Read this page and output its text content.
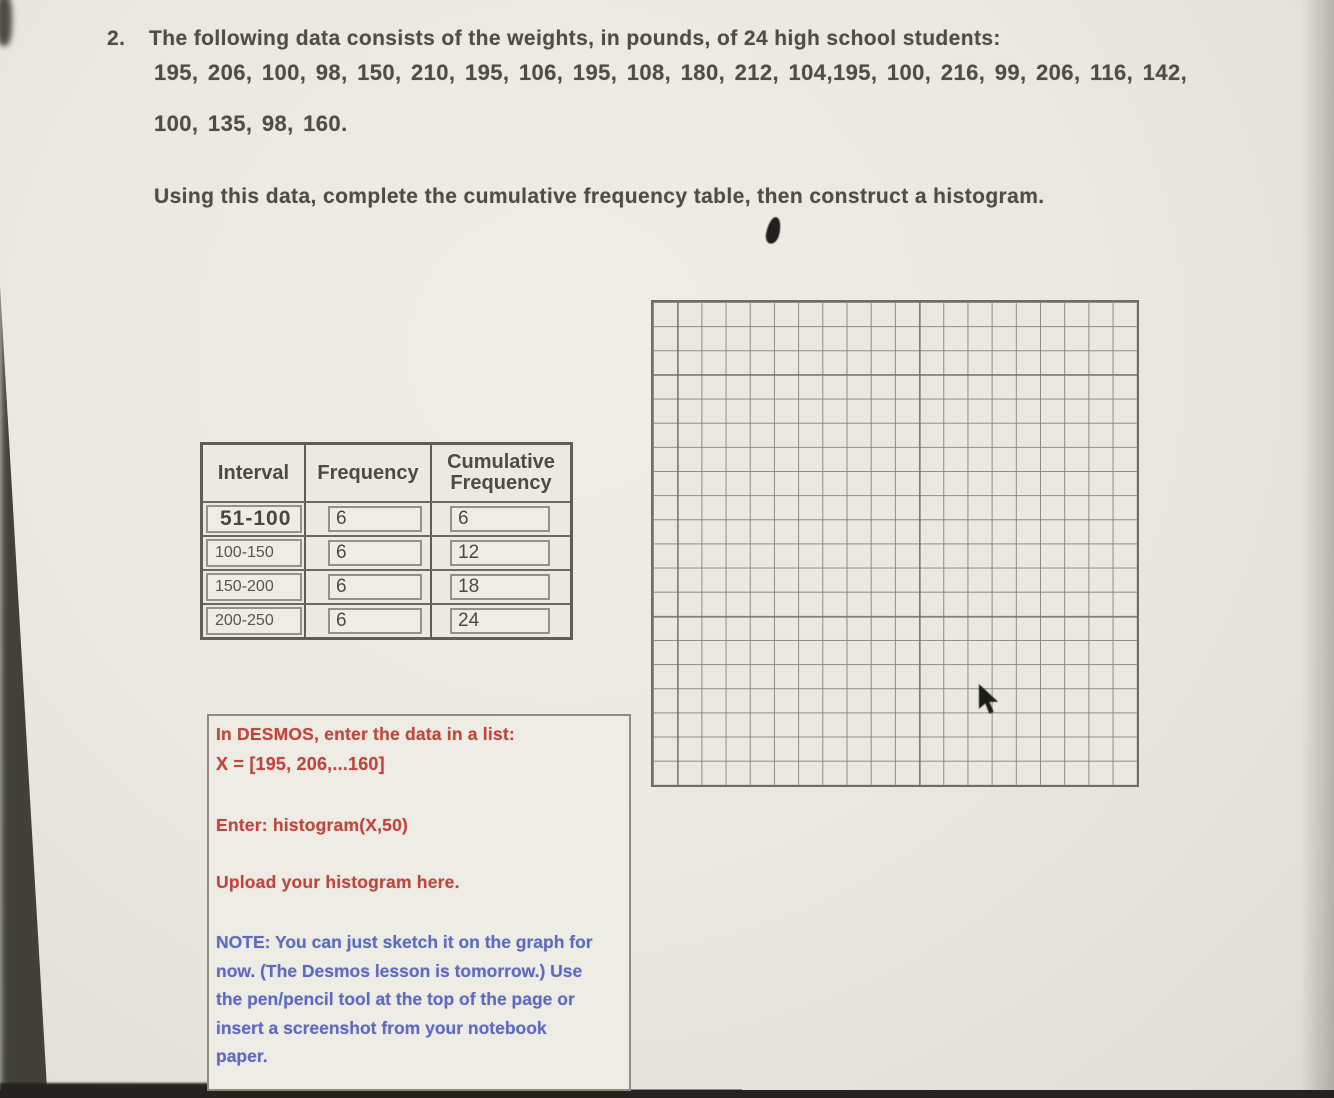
2. The following data consists of the weights, in pounds, of 24 high school students:
195, 206, 100, 98, 150, 210, 195, 106, 195, 108, 180, 212, 104,195, 100, 216, 99, 206, 116, 142,
100, 135, 98, 160.
Using this data, complete the cumulative frequency table, then construct a histogram.
Interval	Frequency	Cumulative
Frequency
51-100	6	6
100-150	6	12
150-200	6	18
200-250	6	24
In DESMOS, enter the data in a list:
X = [195, 206,...160]
Enter: histogram(X,50)
Upload your histogram here.
NOTE: You can just sketch it on the graph for
now. (The Desmos lesson is tomorrow.) Use
the pen/pencil tool at the top of the page or
insert a screenshot from your notebook
paper.
